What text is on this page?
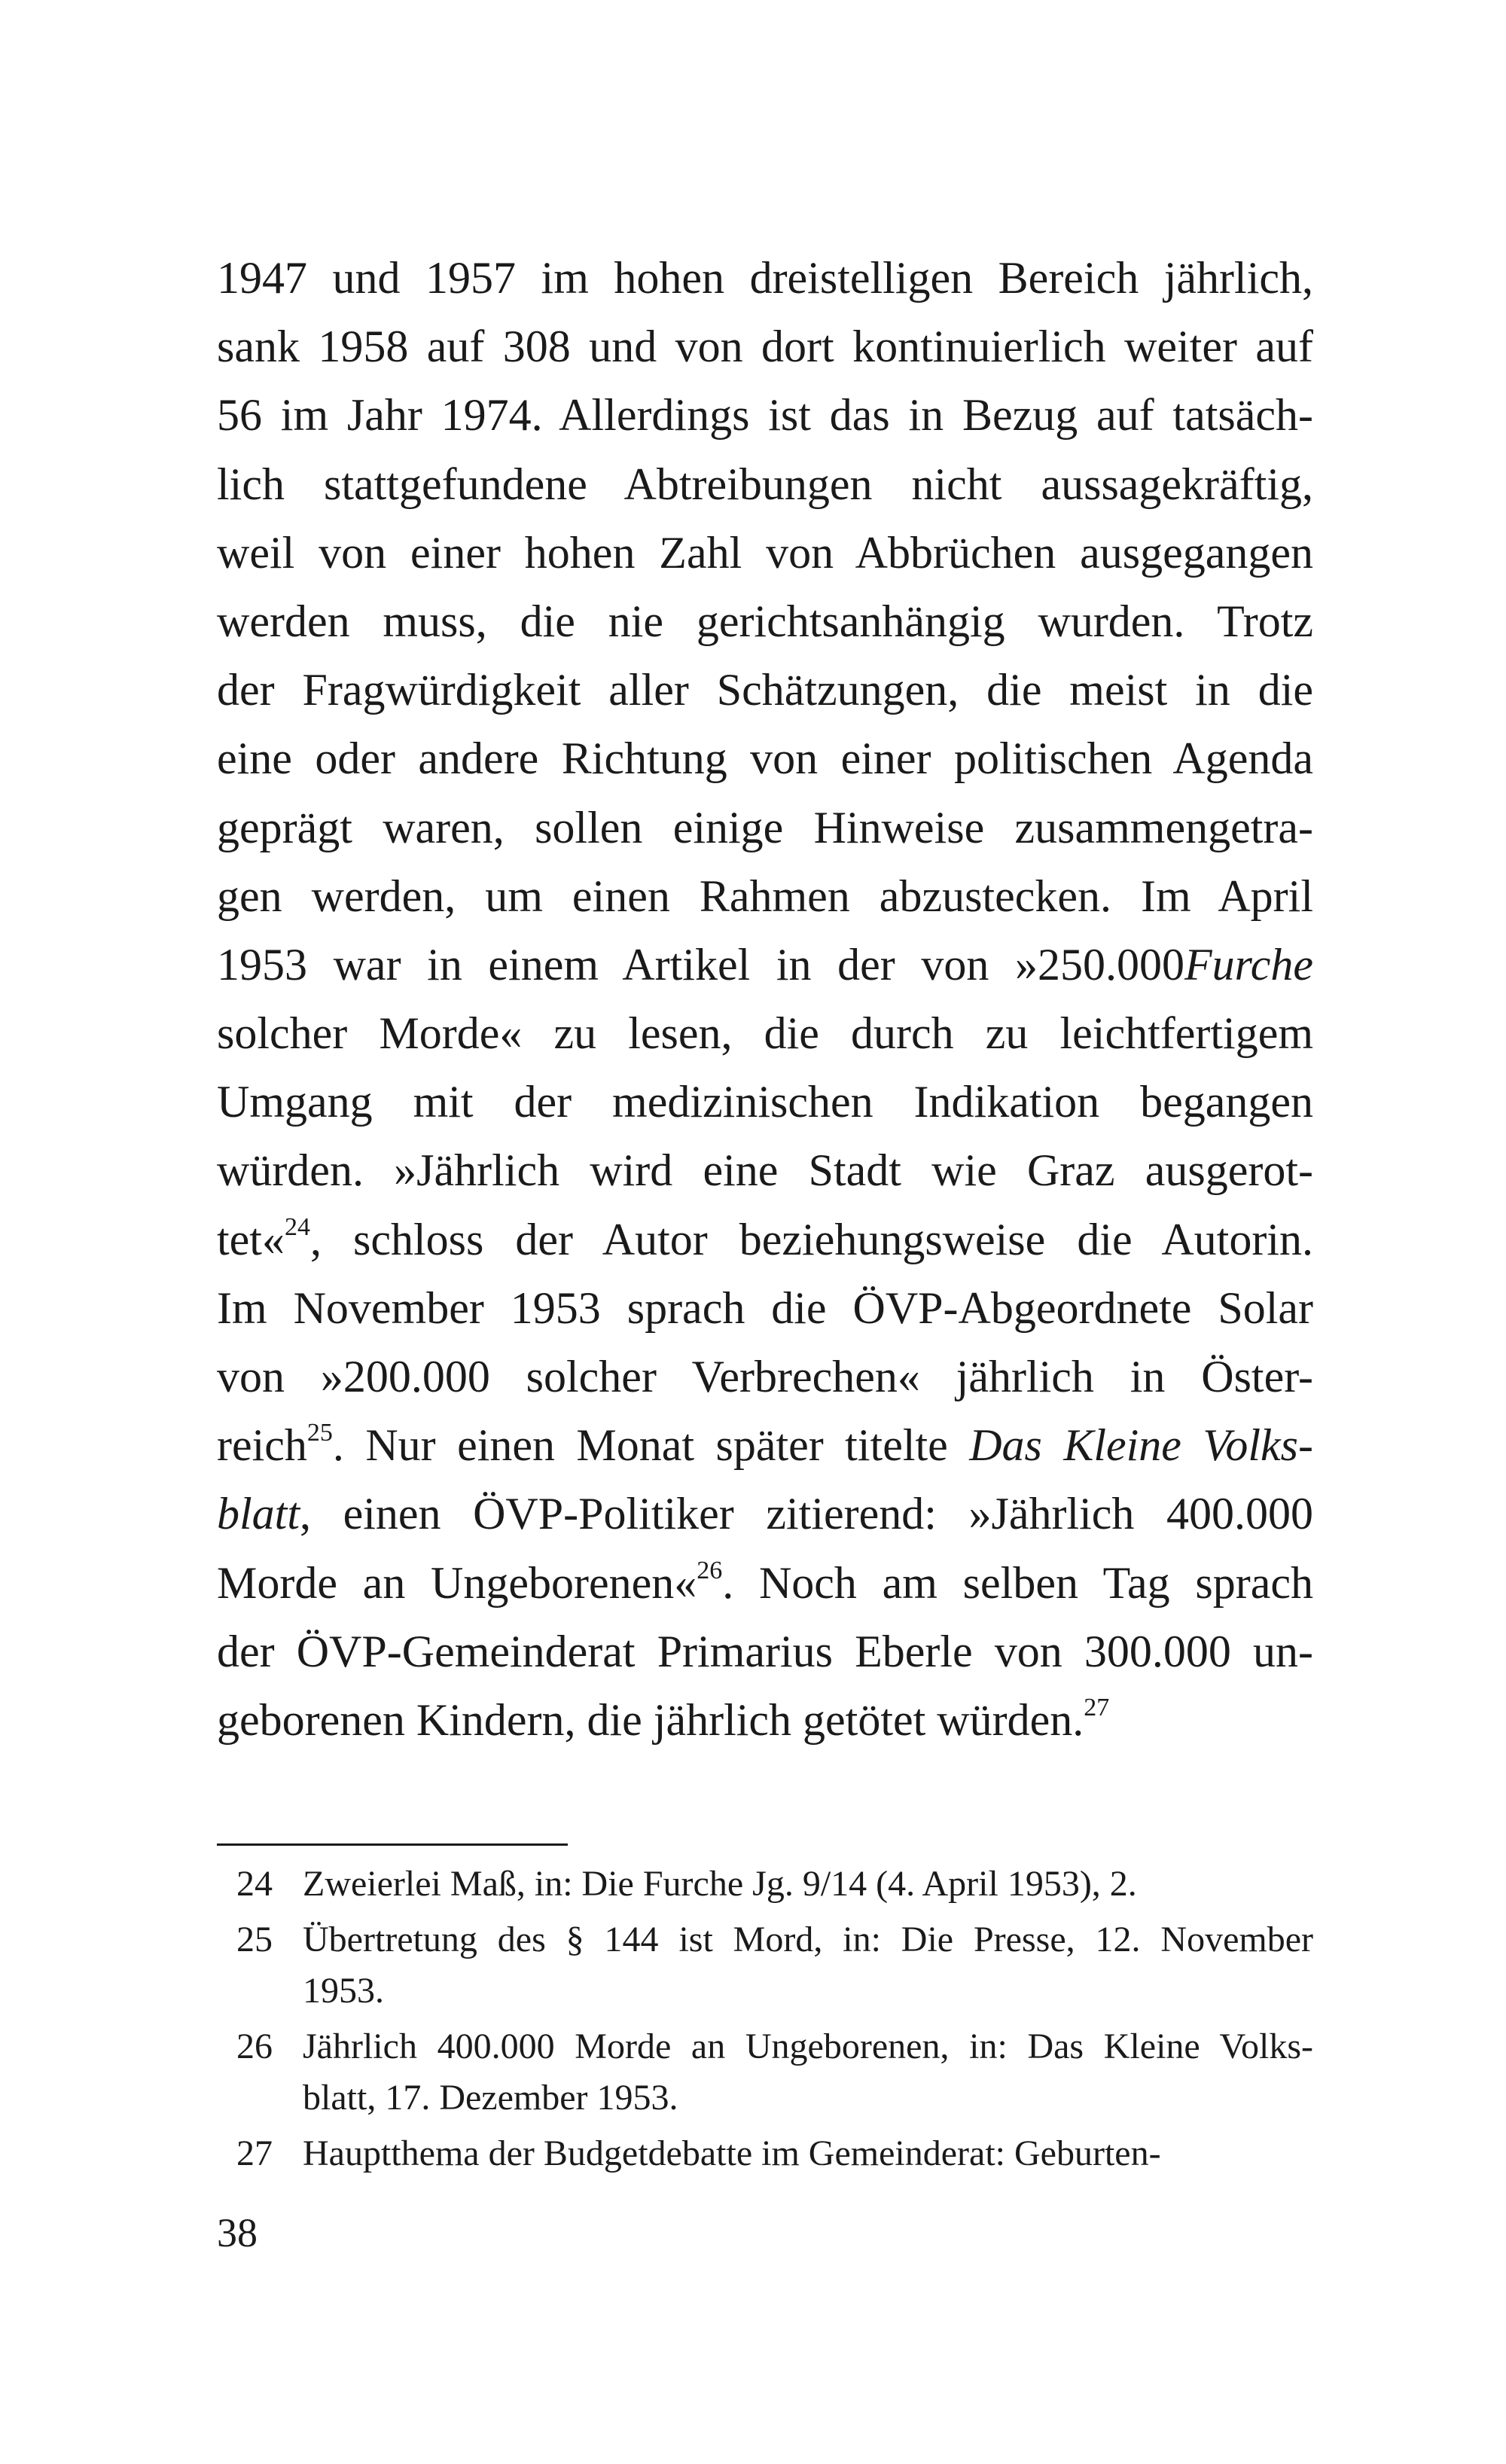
1947 und 1957 im hohen dreistelligen Bereich jährlich,
sank 1958 auf 308 und von dort kontinuierlich weiter auf
56 im Jahr 1974. Allerdings ist das in Bezug auf tatsäch-
lich stattgefundene Abtreibungen nicht aussagekräftig,
weil von einer hohen Zahl von Abbrüchen ausgegangen
werden muss, die nie gerichtsanhängig wurden. Trotz
der Fragwürdigkeit aller Schätzungen, die meist in die
eine oder andere Richtung von einer politischen Agenda
geprägt waren, sollen einige Hinweise zusammengetra-
gen werden, um einen Rahmen abzustecken. Im April
1953 war in einem Artikel in der von »250.000Furche
solcher Morde« zu lesen, die durch zu leichtfertigem
Umgang mit der medizinischen Indikation begangen
würden. »Jährlich wird eine Stadt wie Graz ausgerot-
tet«$^{24}$, schloss der Autor beziehungsweise die Autorin.
Im November 1953 sprach die ÖVP-Abgeordnete Solar
von »200.000 solcher Verbrechen« jährlich in Öster-
reich$^{25}$. Nur einen Monat später titelte Das Kleine Volks-
blatt, einen ÖVP-Politiker zitierend: »Jährlich 400.000
Morde an Ungeborenen«$^{26}$. Noch am selben Tag sprach
der ÖVP-Gemeinderat Primarius Eberle von 300.000 un-
geborenen Kindern, die jährlich getötet würden.$^{27}$
24 Zweierlei Maß, in: Die Furche Jg. 9/14 (4. April 1953), 2.
25 Übertretung des § 144 ist Mord, in: Die Presse, 12. November
1953.
26 Jährlich 400.000 Morde an Ungeborenen, in: Das Kleine Volks-
blatt, 17. Dezember 1953.
27 Hauptthema der Budgetdebatte im Gemeinderat: Geburten-
38
